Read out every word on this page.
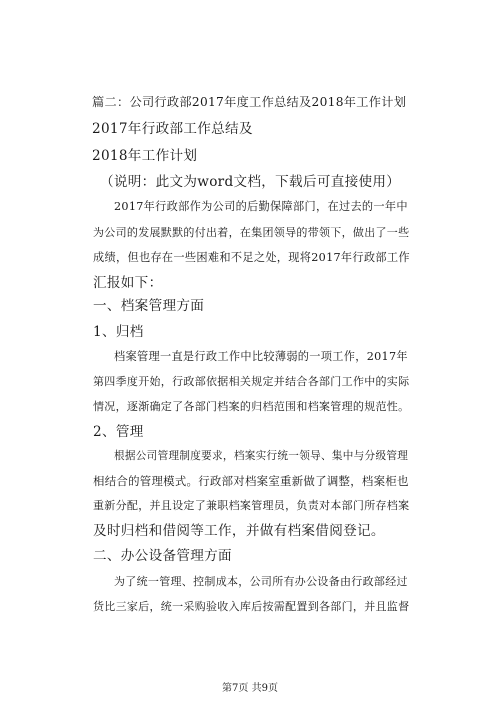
篇二：公司行政部2017年度工作总结及2018年工作计划
2017年行政部工作总结及
2018年工作计划
（说明：此文为word文档，下载后可直接使用）
2017年行政部作为公司的后勤保障部门，在过去的一年中
为公司的发展默默的付出着，在集团领导的带领下，做出了一些
成绩，但也存在一些困难和不足之处，现将2017年行政部工作
汇报如下：
一、档案管理方面
1、归档
档案管理一直是行政工作中比较薄弱的一项工作，2017年
第四季度开始，行政部依据相关规定并结合各部门工作中的实际
情况，逐渐确定了各部门档案的归档范围和档案管理的规范性。
2、管理
根据公司管理制度要求，档案实行统一领导、集中与分级管理
相结合的管理模式。行政部对档案室重新做了调整，档案柜也
重新分配，并且设定了兼职档案管理员，负责对本部门所存档案
及时归档和借阅等工作，并做有档案借阅登记。
二、办公设备管理方面
为了统一管理、控制成本，公司所有办公设备由行政部经过
货比三家后，统一采购验收入库后按需配置到各部门，并且监督
第7页 共9页
